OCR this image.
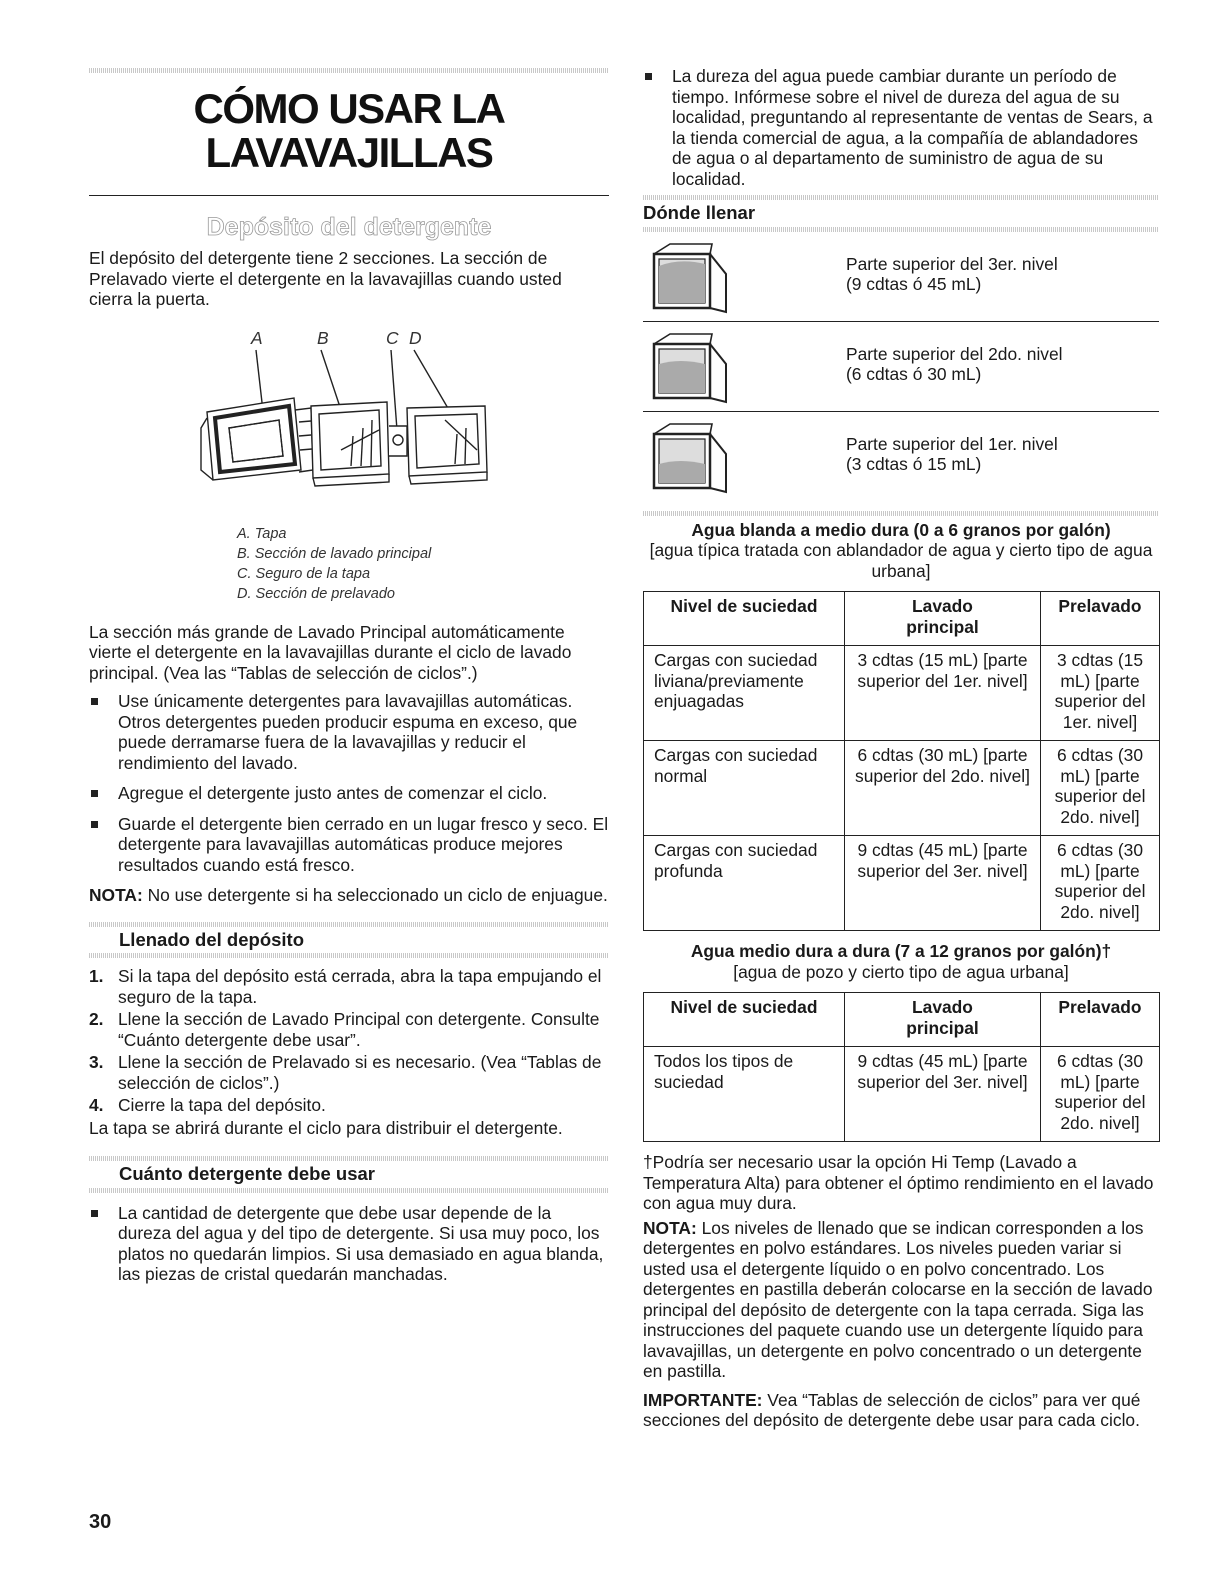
CÓMO USAR LA
LAVAVAJILLAS
Depósito del detergente

El depósito del detergente tiene 2 secciones. La sección de Prelavado vierte el detergente en la lavavajillas cuando usted cierra la puerta.

A	B	C D
A. Tapa
B. Sección de lavado principal
C. Seguro de la tapa
D. Sección de prelavado

La sección más grande de Lavado Principal automáticamente vierte el detergente en la lavavajillas durante el ciclo de lavado principal. (Vea las “Tablas de selección de ciclos”.)

Use únicamente detergentes para lavavajillas automáticas. Otros detergentes pueden producir espuma en exceso, que puede derramarse fuera de la lavavajillas y reducir el rendimiento del lavado.
Agregue el detergente justo antes de comenzar el ciclo.
Guarde el detergente bien cerrado en un lugar fresco y seco. El detergente para lavavajillas automáticas produce mejores resultados cuando está fresco.

NOTA: No use detergente si ha seleccionado un ciclo de enjuague.

Llenado del depósito
1. Si la tapa del depósito está cerrada, abra la tapa empujando el seguro de la tapa.
2. Llene la sección de Lavado Principal con detergente. Consulte “Cuánto detergente debe usar”.
3. Llene la sección de Prelavado si es necesario. (Vea “Tablas de selección de ciclos”.)
4. Cierre la tapa del depósito.

La tapa se abrirá durante el ciclo para distribuir el detergente.

Cuánto detergente debe usar
La cantidad de detergente que debe usar depende de la dureza del agua y del tipo de detergente. Si usa muy poco, los platos no quedarán limpios. Si usa demasiado en agua blanda, las piezas de cristal quedarán manchadas.
La dureza del agua puede cambiar durante un período de tiempo. Infórmese sobre el nivel de dureza del agua de su localidad, preguntando al representante de ventas de Sears, a la tienda comercial de agua, a la compañía de ablandadores de agua o al departamento de suministro de agua de su localidad.
Dónde llenar
Parte superior del 3er. nivel
(9 cdtas ó 45 mL)
Parte superior del 2do. nivel
(6 cdtas ó 30 mL)
Parte superior del 1er. nivel
(3 cdtas ó 15 mL)
Agua blanda a medio dura (0 a 6 granos por galón)
[agua típica tratada con ablandador de agua y cierto tipo de agua urbana]
Nivel de suciedad	Lavado principal	Prelavado
Cargas con suciedad liviana/previamente enjuagadas	3 cdtas (15 mL) [parte superior del 1er. nivel]	3 cdtas (15 mL) [parte superior del 1er. nivel]
Cargas con suciedad normal	6 cdtas (30 mL) [parte superior del 2do. nivel]	6 cdtas (30 mL) [parte superior del 2do. nivel]
Cargas con suciedad profunda	9 cdtas (45 mL) [parte superior del 3er. nivel]	6 cdtas (30 mL) [parte superior del 2do. nivel]
Agua medio dura a dura (7 a 12 granos por galón)†
[agua de pozo y cierto tipo de agua urbana]
Nivel de suciedad	Lavado principal	Prelavado
Todos los tipos de suciedad	9 cdtas (45 mL) [parte superior del 3er. nivel]	6 cdtas (30 mL) [parte superior del 2do. nivel]

†Podría ser necesario usar la opción Hi Temp (Lavado a Temperatura Alta) para obtener el óptimo rendimiento en el lavado con agua muy dura.

NOTA: Los niveles de llenado que se indican corresponden a los detergentes en polvo estándares. Los niveles pueden variar si usted usa el detergente líquido o en polvo concentrado. Los detergentes en pastilla deberán colocarse en la sección de lavado principal del depósito de detergente con la tapa cerrada. Siga las instrucciones del paquete cuando use un detergente líquido para lavavajillas, un detergente en polvo concentrado o un detergente en pastilla.

IMPORTANTE: Vea “Tablas de selección de ciclos” para ver qué secciones del depósito de detergente debe usar para cada ciclo.

30
